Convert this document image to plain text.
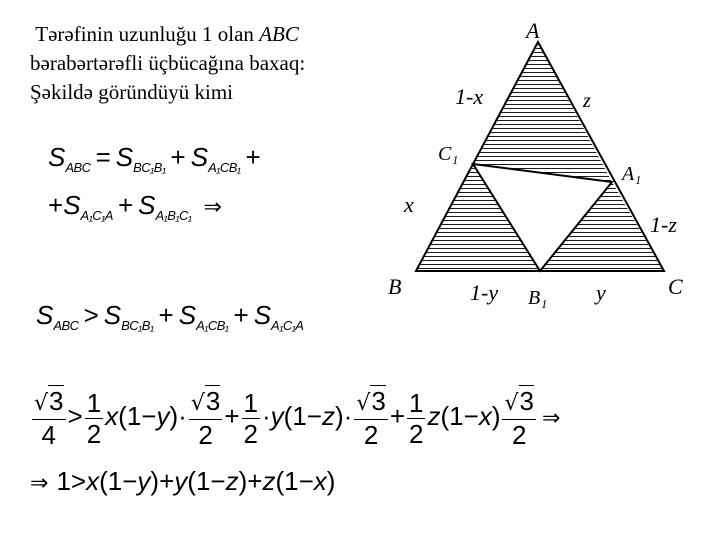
Tərəfinin uzunluğu 1 olan ABC
bərabərtərəfli üçbücağına baxaq:
Şəkildə göründüyü kimi
$S_{ABC} = S_{BC_1B_1} + S_{A_1CB_1}$ +
$+S_{A_1C_1A} + S_{A_1B_1C_1}$ ⇒
$S_{ABC} > S_{BC_1B_1} + S_{A_1CB_1} + S_{A_1C_1A}$
$\frac{√3}{4} > \frac{1}{2} x(1-y)\cdot \frac{√3}{2} + \frac{1}{2} \cdot y(1-z)\cdot \frac{√3}{2} + \frac{1}{2} z(1-x) \frac{√3}{2}$ ⇒
⇒ 1>x(1−y)+y(1−z)+z(1−x)
A
B	C
A₁
B₁
C₁
1-x	z
x
1-z
1-y	y
